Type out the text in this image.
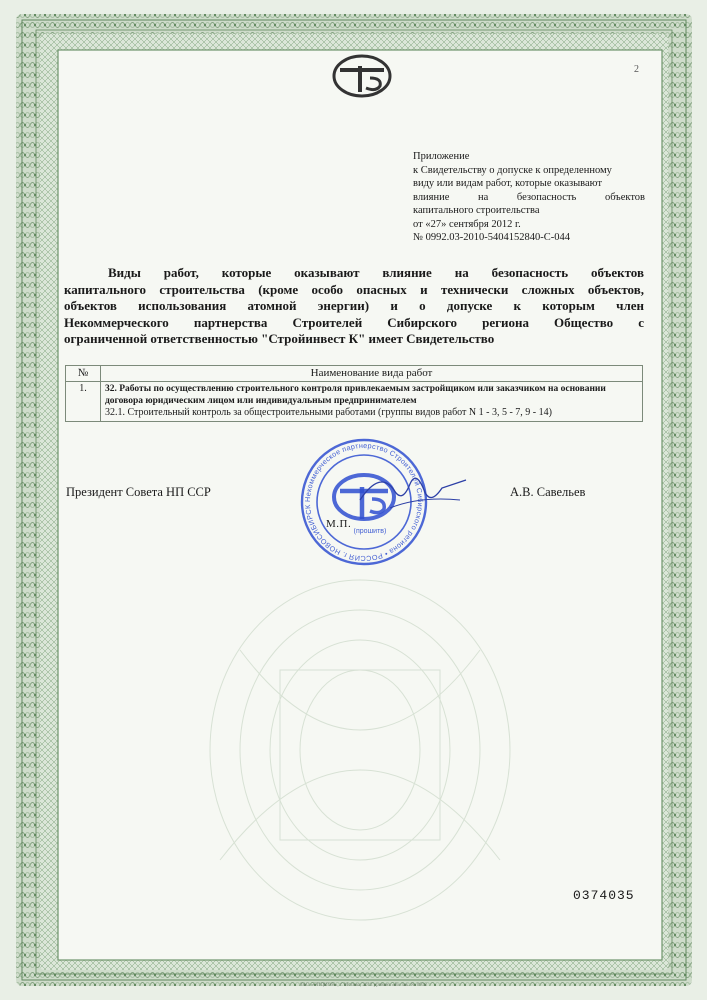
2
Приложение
к Свидетельству о допуске к определенному
виду или видам работ, которые оказывают
влияние на безопасность объектов
капитального строительства
от «27» сентября 2012 г.
№ 0992.03-2010-5404152840-С-044
Виды работ, которые оказывают влияние на безопасность объектов
капитального строительства (кроме особо опасных и технически сложных объектов,
объектов использования атомной энергии) и о допуске к которым член
Некоммерческого партнерства Строителей Сибирского региона Общество с
ограниченной ответственностью "Стройинвест К" имеет Свидетельство
№	Наименование вида работ
1.	32. Работы по осуществлению строительного контроля привлекаемым застройщиком или заказчиком на основании договора юридическим лицом или индивидуальным предпринимателем
32.1. Строительный контроль за общестроительными работами (группы видов работ N 1 - 3, 5 - 7, 9 - 14)
Президент Совета НП ССР	А.В. Савельев
Некоммерческое партнерство Строителей Сибирского региона • РОССИЯ г. НОВОСИБИРСК
(прошитв)
М.П.
0374035
ЗАО «ОПЦИОН», г. Москва, 2012 уровень «В» зак. № 0018
